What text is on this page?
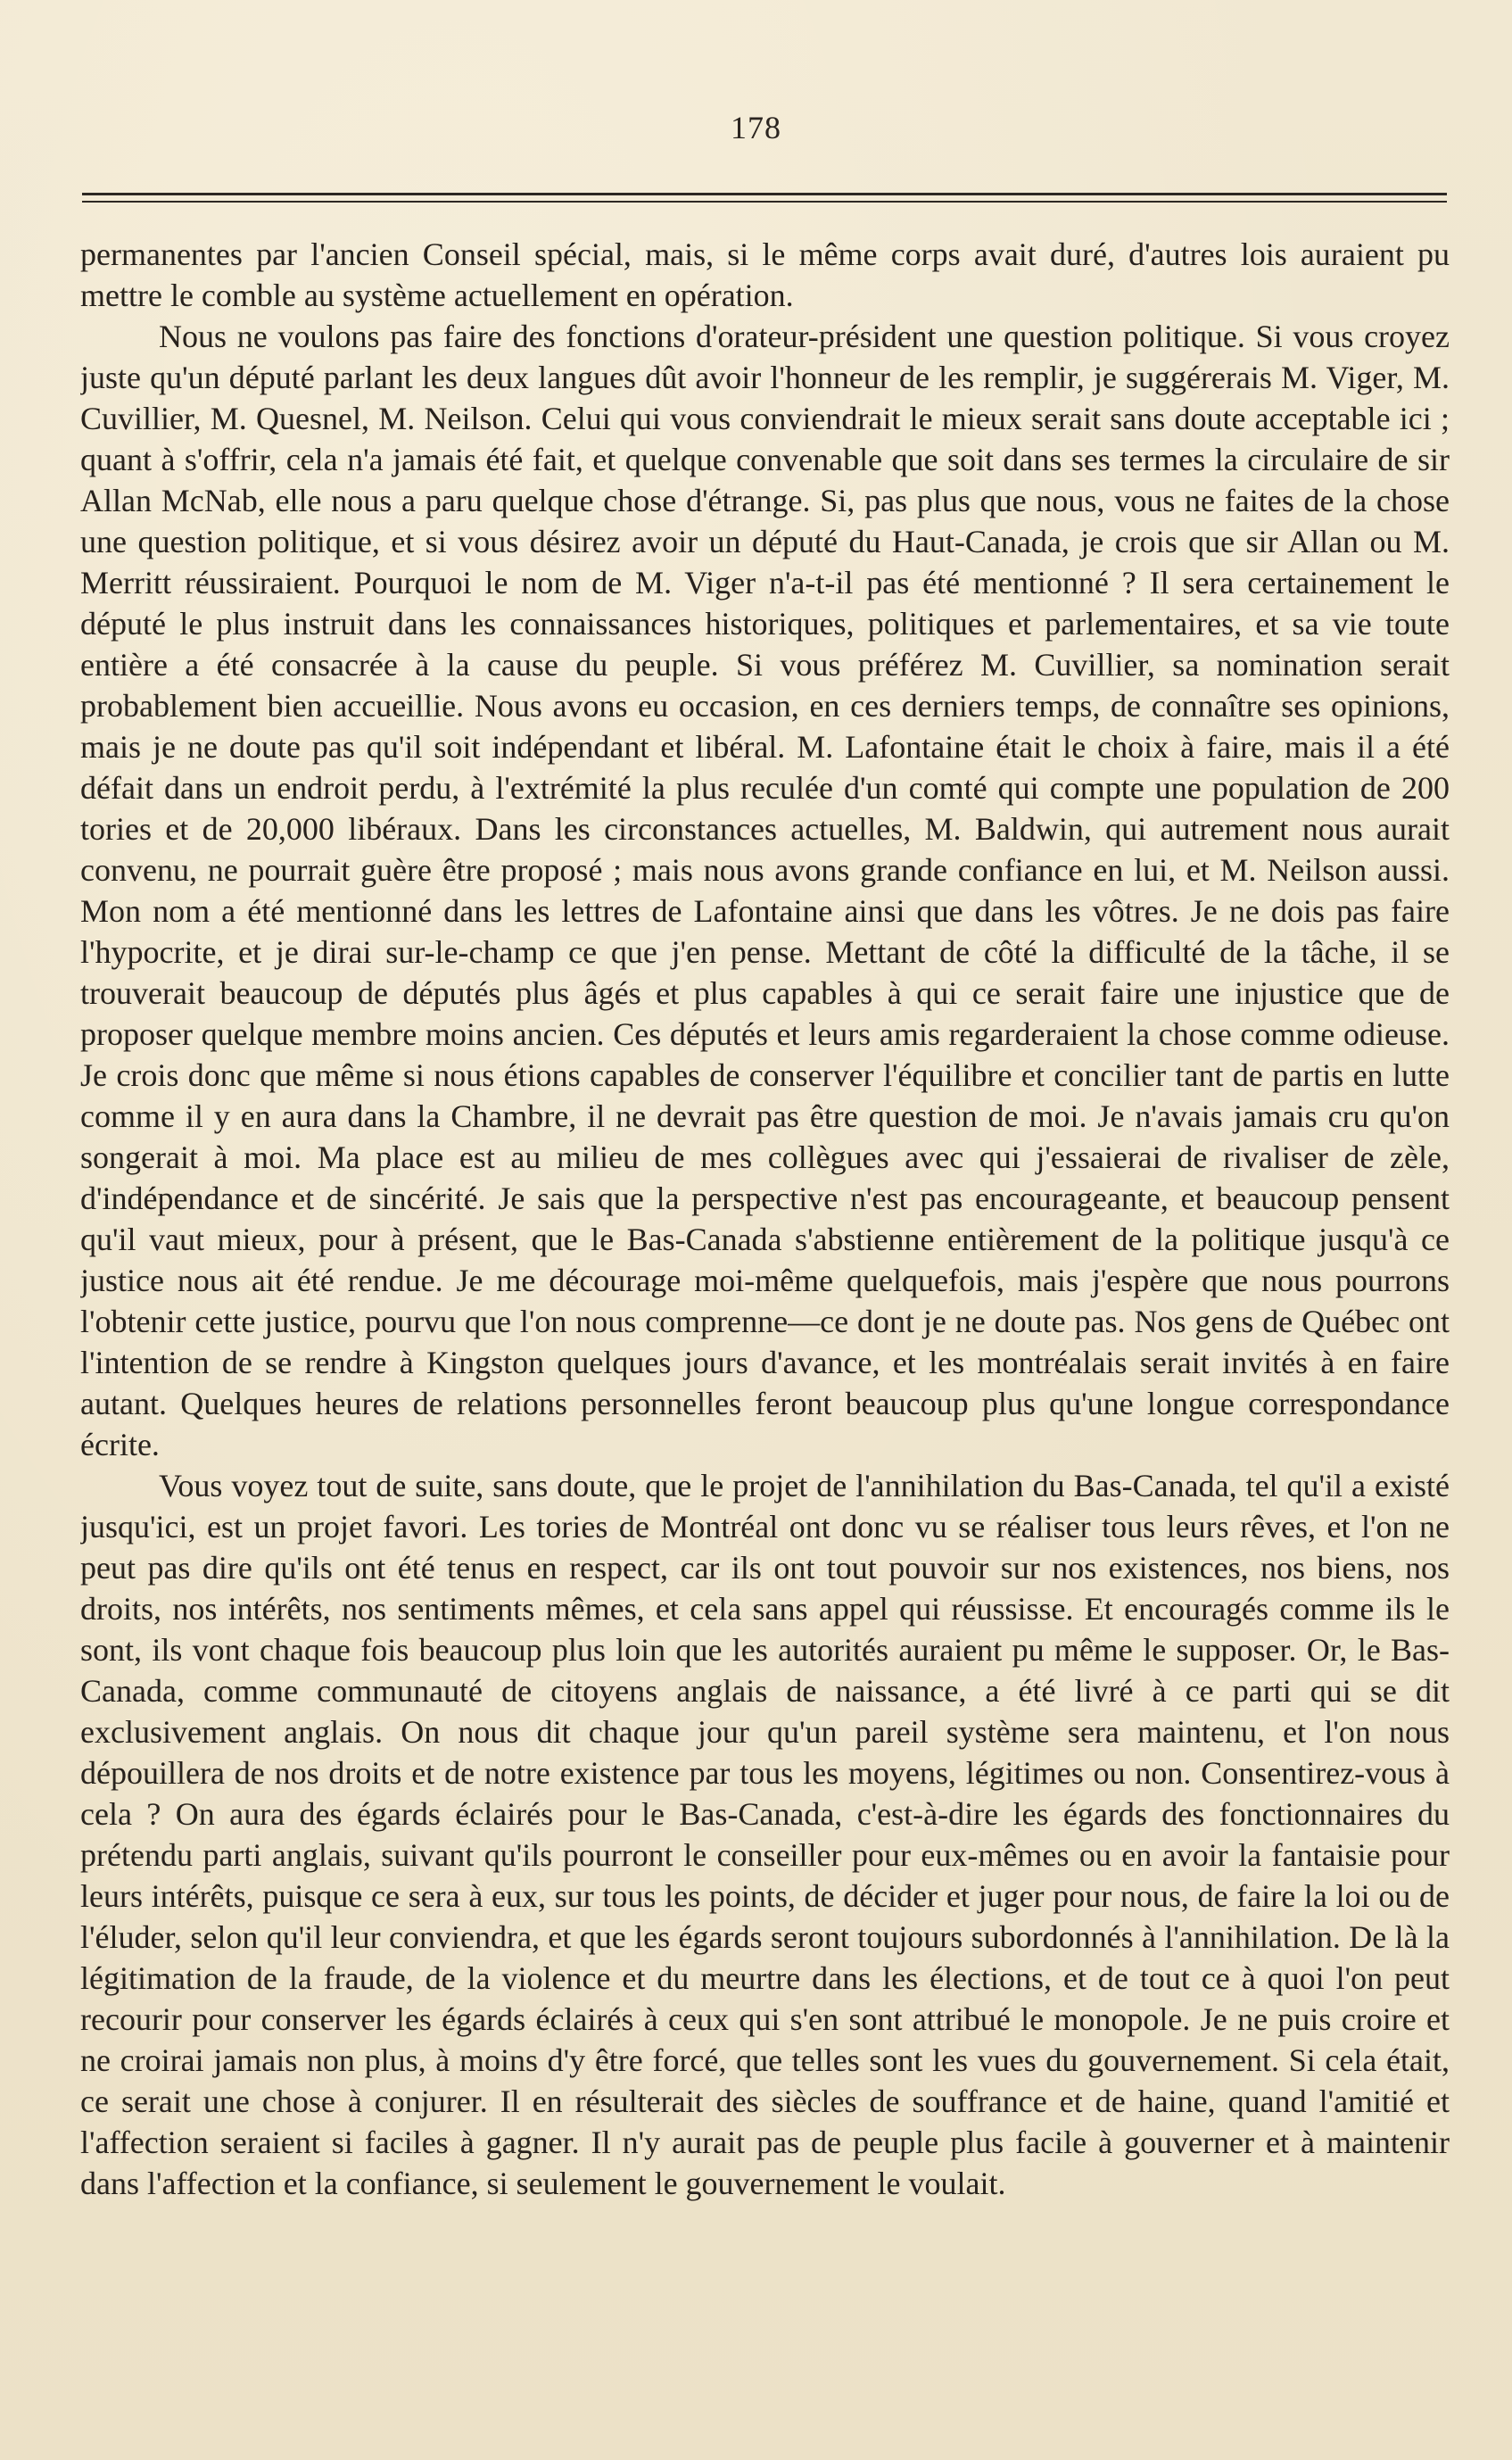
178

permanentes par l'ancien Conseil spécial, mais, si le même corps avait duré, d'autres lois auraient pu mettre le comble au système actuellement en opération.

Nous ne voulons pas faire des fonctions d'orateur-président une question politique. Si vous croyez juste qu'un député parlant les deux langues dût avoir l'honneur de les remplir, je suggérerais M. Viger, M. Cuvillier, M. Quesnel, M. Neilson. Celui qui vous conviendrait le mieux serait sans doute acceptable ici ; quant à s'offrir, cela n'a jamais été fait, et quelque convenable que soit dans ses termes la circulaire de sir Allan McNab, elle nous a paru quelque chose d'étrange. Si, pas plus que nous, vous ne faites de la chose une question politique, et si vous désirez avoir un député du Haut-Canada, je crois que sir Allan ou M. Merritt réussiraient. Pourquoi le nom de M. Viger n'a-t-il pas été mentionné ? Il sera certainement le député le plus instruit dans les connaissances historiques, politiques et parlementaires, et sa vie toute entière a été consacrée à la cause du peuple. Si vous préférez M. Cuvillier, sa nomination serait probablement bien accueillie. Nous avons eu occasion, en ces derniers temps, de connaître ses opinions, mais je ne doute pas qu'il soit indépendant et libéral. M. Lafontaine était le choix à faire, mais il a été défait dans un endroit perdu, à l'extrémité la plus reculée d'un comté qui compte une population de 200 tories et de 20,000 libéraux. Dans les circonstances actuelles, M. Baldwin, qui autrement nous aurait convenu, ne pourrait guère être proposé ; mais nous avons grande confiance en lui, et M. Neilson aussi. Mon nom a été mentionné dans les lettres de Lafontaine ainsi que dans les vôtres. Je ne dois pas faire l'hypocrite, et je dirai sur-le-champ ce que j'en pense. Mettant de côté la difficulté de la tâche, il se trouverait beaucoup de députés plus âgés et plus capables à qui ce serait faire une injustice que de proposer quelque membre moins ancien. Ces députés et leurs amis regarderaient la chose comme odieuse. Je crois donc que même si nous étions capables de conserver l'équilibre et concilier tant de partis en lutte comme il y en aura dans la Chambre, il ne devrait pas être question de moi. Je n'avais jamais cru qu'on songerait à moi. Ma place est au milieu de mes collègues avec qui j'essaierai de rivaliser de zèle, d'indépendance et de sincérité. Je sais que la perspective n'est pas encourageante, et beaucoup pensent qu'il vaut mieux, pour à présent, que le Bas-Canada s'abstienne entièrement de la politique jusqu'à ce justice nous ait été rendue. Je me décourage moi-même quelquefois, mais j'espère que nous pourrons l'obtenir cette justice, pourvu que l'on nous comprenne—ce dont je ne doute pas. Nos gens de Québec ont l'intention de se rendre à Kingston quelques jours d'avance, et les montréalais serait invités à en faire autant. Quelques heures de relations personnelles feront beaucoup plus qu'une longue correspondance écrite.

Vous voyez tout de suite, sans doute, que le projet de l'annihilation du Bas-Canada, tel qu'il a existé jusqu'ici, est un projet favori. Les tories de Montréal ont donc vu se réaliser tous leurs rêves, et l'on ne peut pas dire qu'ils ont été tenus en respect, car ils ont tout pouvoir sur nos existences, nos biens, nos droits, nos intérêts, nos sentiments mêmes, et cela sans appel qui réussisse. Et encouragés comme ils le sont, ils vont chaque fois beaucoup plus loin que les autorités auraient pu même le supposer. Or, le Bas-Canada, comme communauté de citoyens anglais de naissance, a été livré à ce parti qui se dit exclusivement anglais. On nous dit chaque jour qu'un pareil système sera maintenu, et l'on nous dépouillera de nos droits et de notre existence par tous les moyens, légitimes ou non. Consentirez-vous à cela ? On aura des égards éclairés pour le Bas-Canada, c'est-à-dire les égards des fonctionnaires du prétendu parti anglais, suivant qu'ils pourront le conseiller pour eux-mêmes ou en avoir la fantaisie pour leurs intérêts, puisque ce sera à eux, sur tous les points, de décider et juger pour nous, de faire la loi ou de l'éluder, selon qu'il leur conviendra, et que les égards seront toujours subordonnés à l'annihilation. De là la légitimation de la fraude, de la violence et du meurtre dans les élections, et de tout ce à quoi l'on peut recourir pour conserver les égards éclairés à ceux qui s'en sont attribué le monopole. Je ne puis croire et ne croirai jamais non plus, à moins d'y être forcé, que telles sont les vues du gouvernement. Si cela était, ce serait une chose à conjurer. Il en résulterait des siècles de souffrance et de haine, quand l'amitié et l'affection seraient si faciles à gagner. Il n'y aurait pas de peuple plus facile à gouverner et à maintenir dans l'affection et la confiance, si seulement le gouvernement le voulait.
